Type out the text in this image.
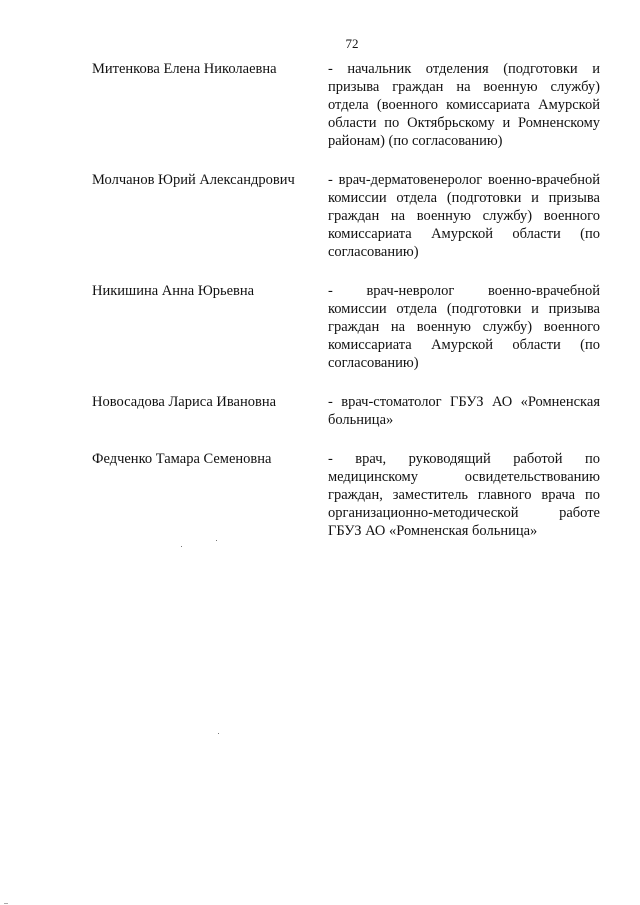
72
Митенкова Елена Николаевна	- начальник отделения (подготовки и призыва граждан на военную службу) отдела (военного комиссариата Амурской области по Октябрьскому и Ромненскому районам) (по согласованию)
Молчанов Юрий Александрович	- врач-дерматовенеролог военно-врачебной комиссии отдела (подготовки и призыва граждан на военную службу) военного комиссариата Амурской области (по согласованию)
Никишина Анна Юрьевна	- врач-невролог военно-врачебной комиссии отдела (подготовки и призыва граждан на военную службу) военного комиссариата Амурской области (по согласованию)
Новосадова Лариса Ивановна	- врач-стоматолог ГБУЗ АО «Ромненская больница»
Федченко Тамара Семеновна	- врач, руководящий работой по медицинскому освидетельствованию граждан, заместитель главного врача по организационно-методической работе ГБУЗ АО «Ромненская больница»
